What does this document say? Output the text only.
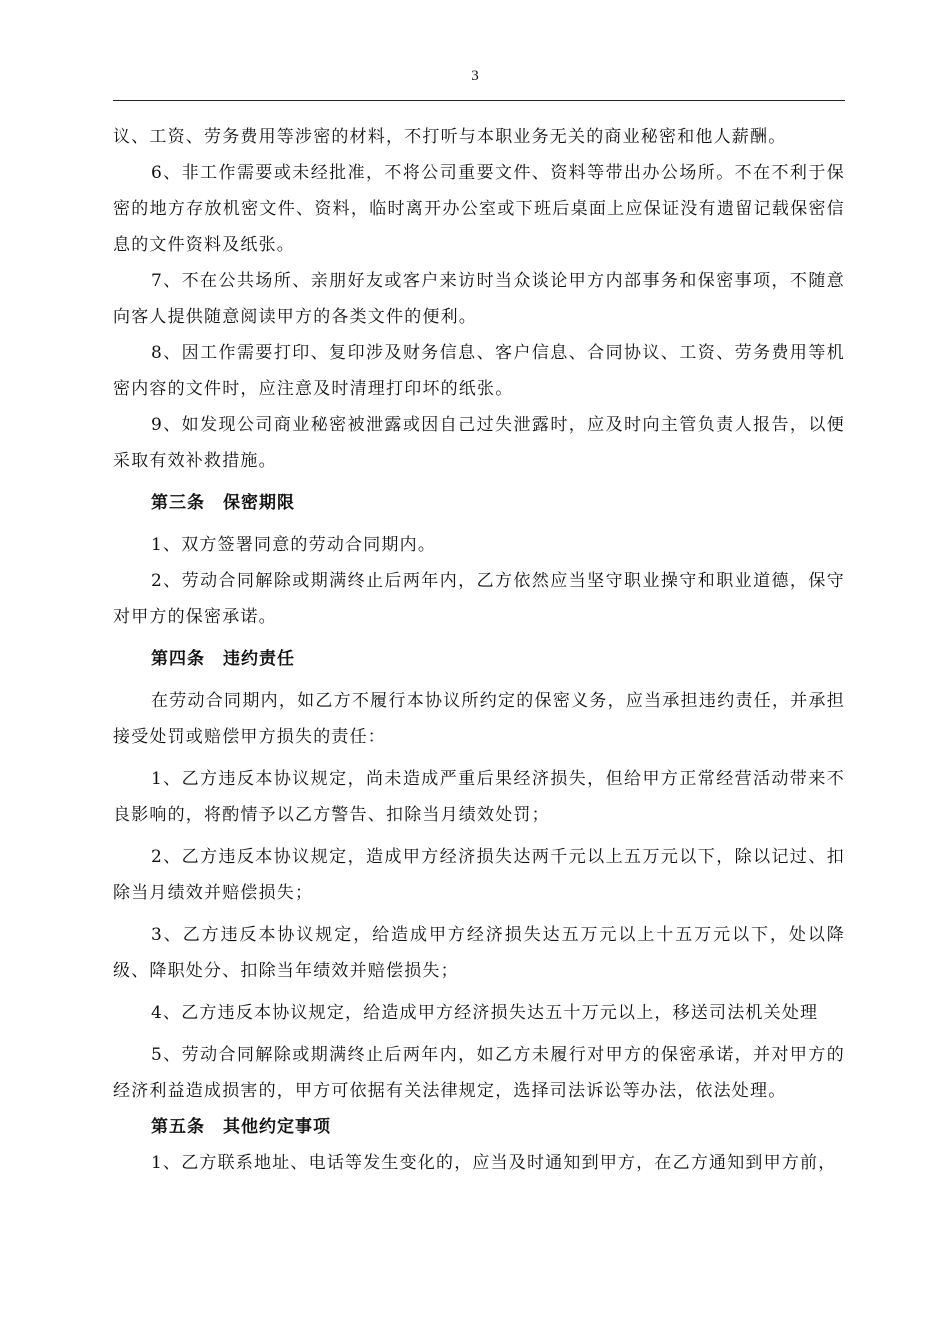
3

议、工资、劳务费用等涉密的材料，不打听与本职业务无关的商业秘密和他人薪酬。

6、非工作需要或未经批准，不将公司重要文件、资料等带出办公场所。不在不利于保密的地方存放机密文件、资料，临时离开办公室或下班后桌面上应保证没有遗留记载保密信息的文件资料及纸张。

7、不在公共场所、亲朋好友或客户来访时当众谈论甲方内部事务和保密事项，不随意向客人提供随意阅读甲方的各类文件的便利。

8、因工作需要打印、复印涉及财务信息、客户信息、合同协议、工资、劳务费用等机密内容的文件时，应注意及时清理打印坏的纸张。

9、如发现公司商业秘密被泄露或因自己过失泄露时，应及时向主管负责人报告，以便采取有效补救措施。

第三条　保密期限

1、双方签署同意的劳动合同期内。

2、劳动合同解除或期满终止后两年内，乙方依然应当坚守职业操守和职业道德，保守对甲方的保密承诺。

第四条　违约责任

在劳动合同期内，如乙方不履行本协议所约定的保密义务，应当承担违约责任，并承担接受处罚或赔偿甲方损失的责任：

1、乙方违反本协议规定，尚未造成严重后果经济损失，但给甲方正常经营活动带来不良影响的，将酌情予以乙方警告、扣除当月绩效处罚；

2、乙方违反本协议规定，造成甲方经济损失达两千元以上五万元以下，除以记过、扣除当月绩效并赔偿损失；

3、乙方违反本协议规定，给造成甲方经济损失达五万元以上十五万元以下，处以降级、降职处分、扣除当年绩效并赔偿损失；

4、乙方违反本协议规定，给造成甲方经济损失达五十万元以上，移送司法机关处理

5、劳动合同解除或期满终止后两年内，如乙方未履行对甲方的保密承诺，并对甲方的经济利益造成损害的，甲方可依据有关法律规定，选择司法诉讼等办法，依法处理。

第五条　其他约定事项

1、乙方联系地址、电话等发生变化的，应当及时通知到甲方，在乙方通知到甲方前，
